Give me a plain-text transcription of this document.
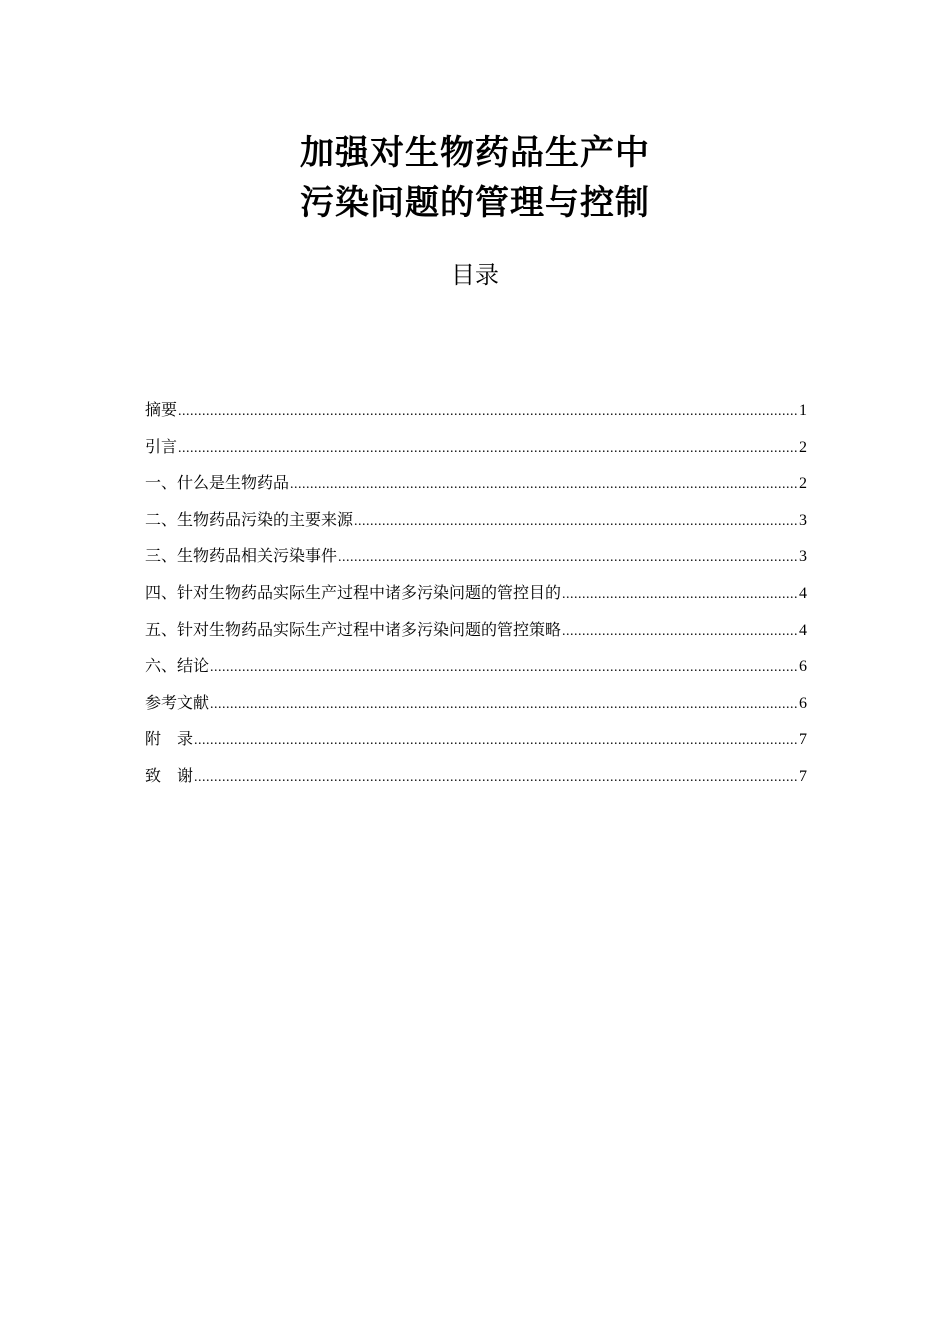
加强对生物药品生产中
污染问题的管理与控制
目录
摘要 .....	1
引言 .....	2
一、什么是生物药品 .....	2
二、生物药品污染的主要来源 .....	3
三、生物药品相关污染事件 .....	3
四、针对生物药品实际生产过程中诸多污染问题的管控目的 .....	4
五、针对生物药品实际生产过程中诸多污染问题的管控策略 .....	4
六、结论 .....	6
参考文献 .....	6
附　录 .....	7
致　谢 .....	7
